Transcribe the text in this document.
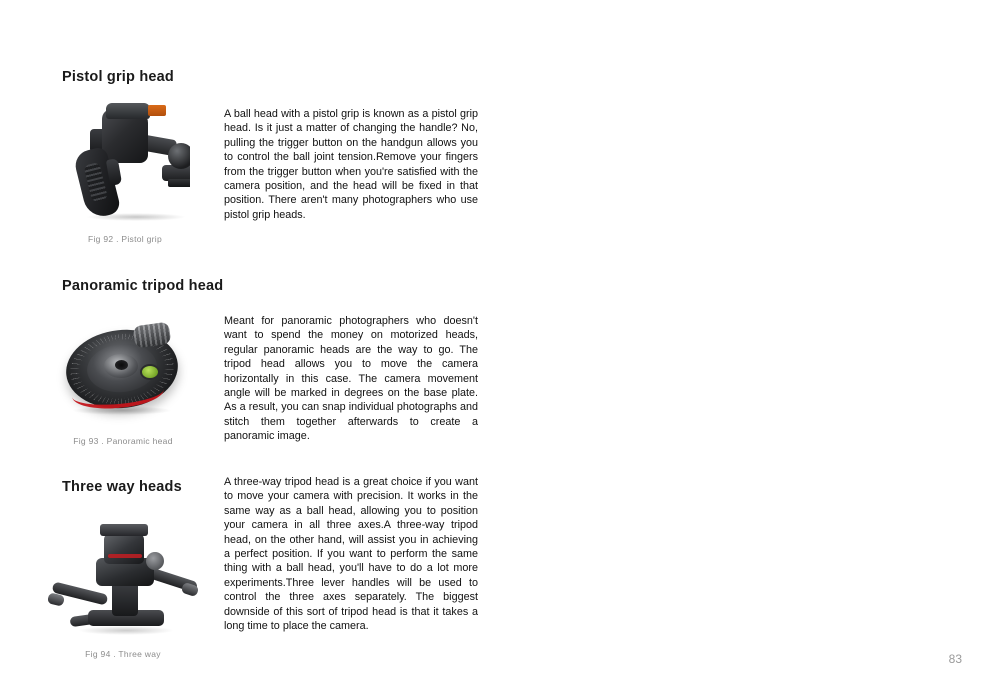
Pistol grip head
Fig 92 . Pistol grip
A ball head with a pistol grip is known as a pistol grip head. Is it just a matter of changing the handle? No, pulling the trigger button on the handgun allows you to control the ball joint tension.Remove your fingers from the trigger button when you're satisfied with the camera position, and the head will be fixed in that position. There aren't many photographers who use pistol grip heads.
Panoramic tripod head
Fig 93 . Panoramic head
Meant for panoramic photographers who doesn't want to spend the money on motorized heads, regular panoramic heads are the way to go. The tripod head allows you to move the camera horizontally in this case. The camera movement angle will be marked in degrees on the base plate. As a result, you can snap individual photographs and stitch them together afterwards to create a panoramic image.
Three way heads
Fig 94 . Three way
A three-way tripod head is a great choice if you want to move your camera with precision. It works in the same way as a ball head, allowing you to position your camera in all three axes.A three-way tripod head, on the other hand, will assist you in achieving a perfect position. If you want to perform the same thing with a ball head, you'll have to do a lot more experiments.Three lever handles will be used to control the three axes separately. The biggest downside of this sort of tripod head is that it takes a long time to place the camera.
83
